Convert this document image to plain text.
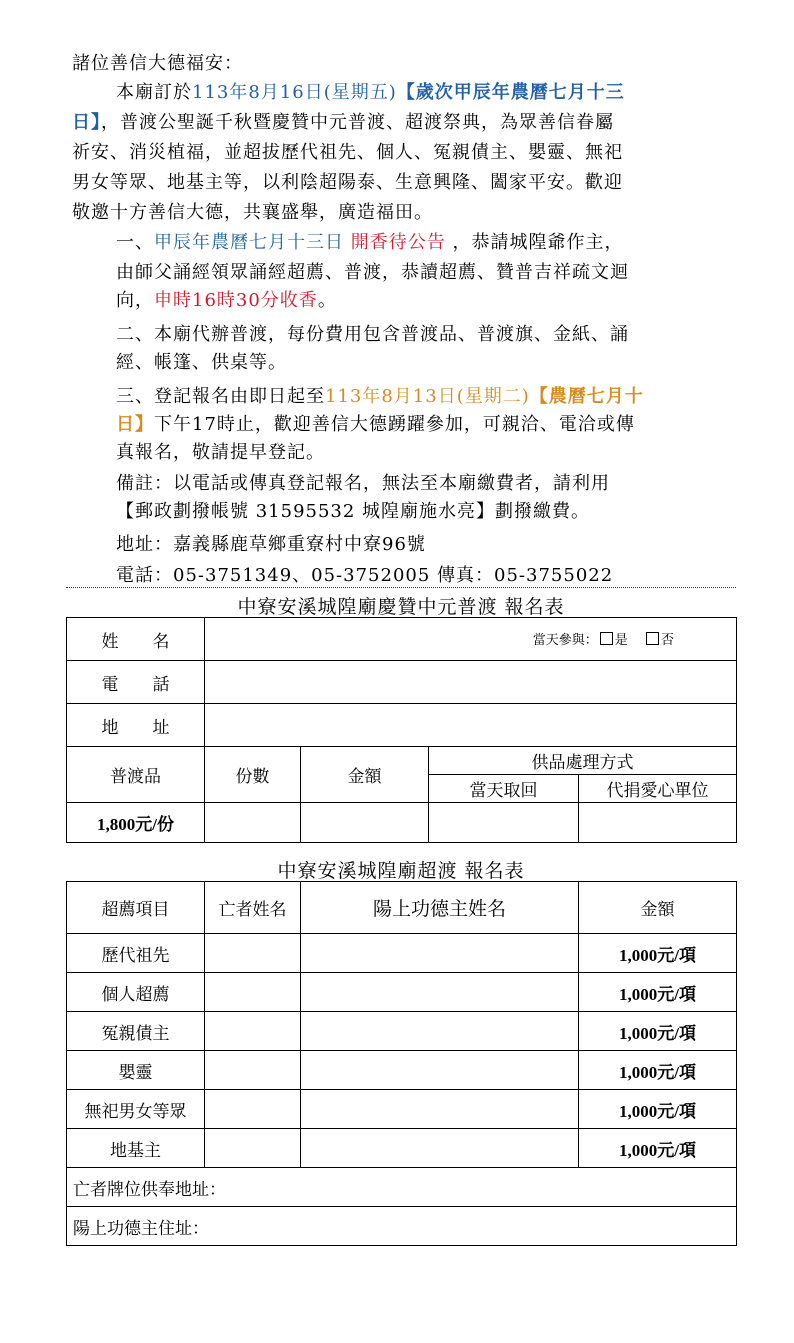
諸位善信大德福安：
本廟訂於113年8月16日(星期五)【歲次甲辰年農曆七月十三
日】，普渡公聖誕千秋暨慶贊中元普渡、超渡祭典，為眾善信眷屬
祈安、消災植福，並超拔歷代祖先、個人、冤親債主、嬰靈、無祀
男女等眾、地基主等，以利陰超陽泰、生意興隆、闔家平安。歡迎
敬邀十方善信大德，共襄盛舉，廣造福田。
一、甲辰年農曆七月十三日 開香待公告 ，恭請城隍爺作主，
由師父誦經領眾誦經超薦、普渡，恭讀超薦、贊普吉祥疏文迴
向，申時16時30分收香。
二、本廟代辦普渡，每份費用包含普渡品、普渡旗、金紙、誦
經、帳篷、供桌等。
三、登記報名由即日起至113年8月13日(星期二)【農曆七月十
日】下午17時止，歡迎善信大德踴躍參加，可親洽、電洽或傳
真報名，敬請提早登記。
備註：以電話或傳真登記報名，無法至本廟繳費者，請利用
【郵政劃撥帳號 31595532 城隍廟施水亮】劃撥繳費。
地址：嘉義縣鹿草鄉重寮村中寮96號
電話：05-3751349、05-3752005 傳真：05-3755022
中寮安溪城隍廟慶贊中元普渡 報名表
姓　　名	當天參與： 是 否			
電　　話				
地　　址				
普渡品	份數	金額	供品處理方式	
			當天取回	代捐愛心單位
1,800元/份				
中寮安溪城隍廟超渡 報名表
超薦項目	亡者姓名	陽上功德主姓名	金額
歷代祖先			1,000元/項
個人超薦			1,000元/項
冤親債主			1,000元/項
嬰靈			1,000元/項
無祀男女等眾			1,000元/項
地基主			1,000元/項
亡者牌位供奉地址：			
陽上功德主住址：			
